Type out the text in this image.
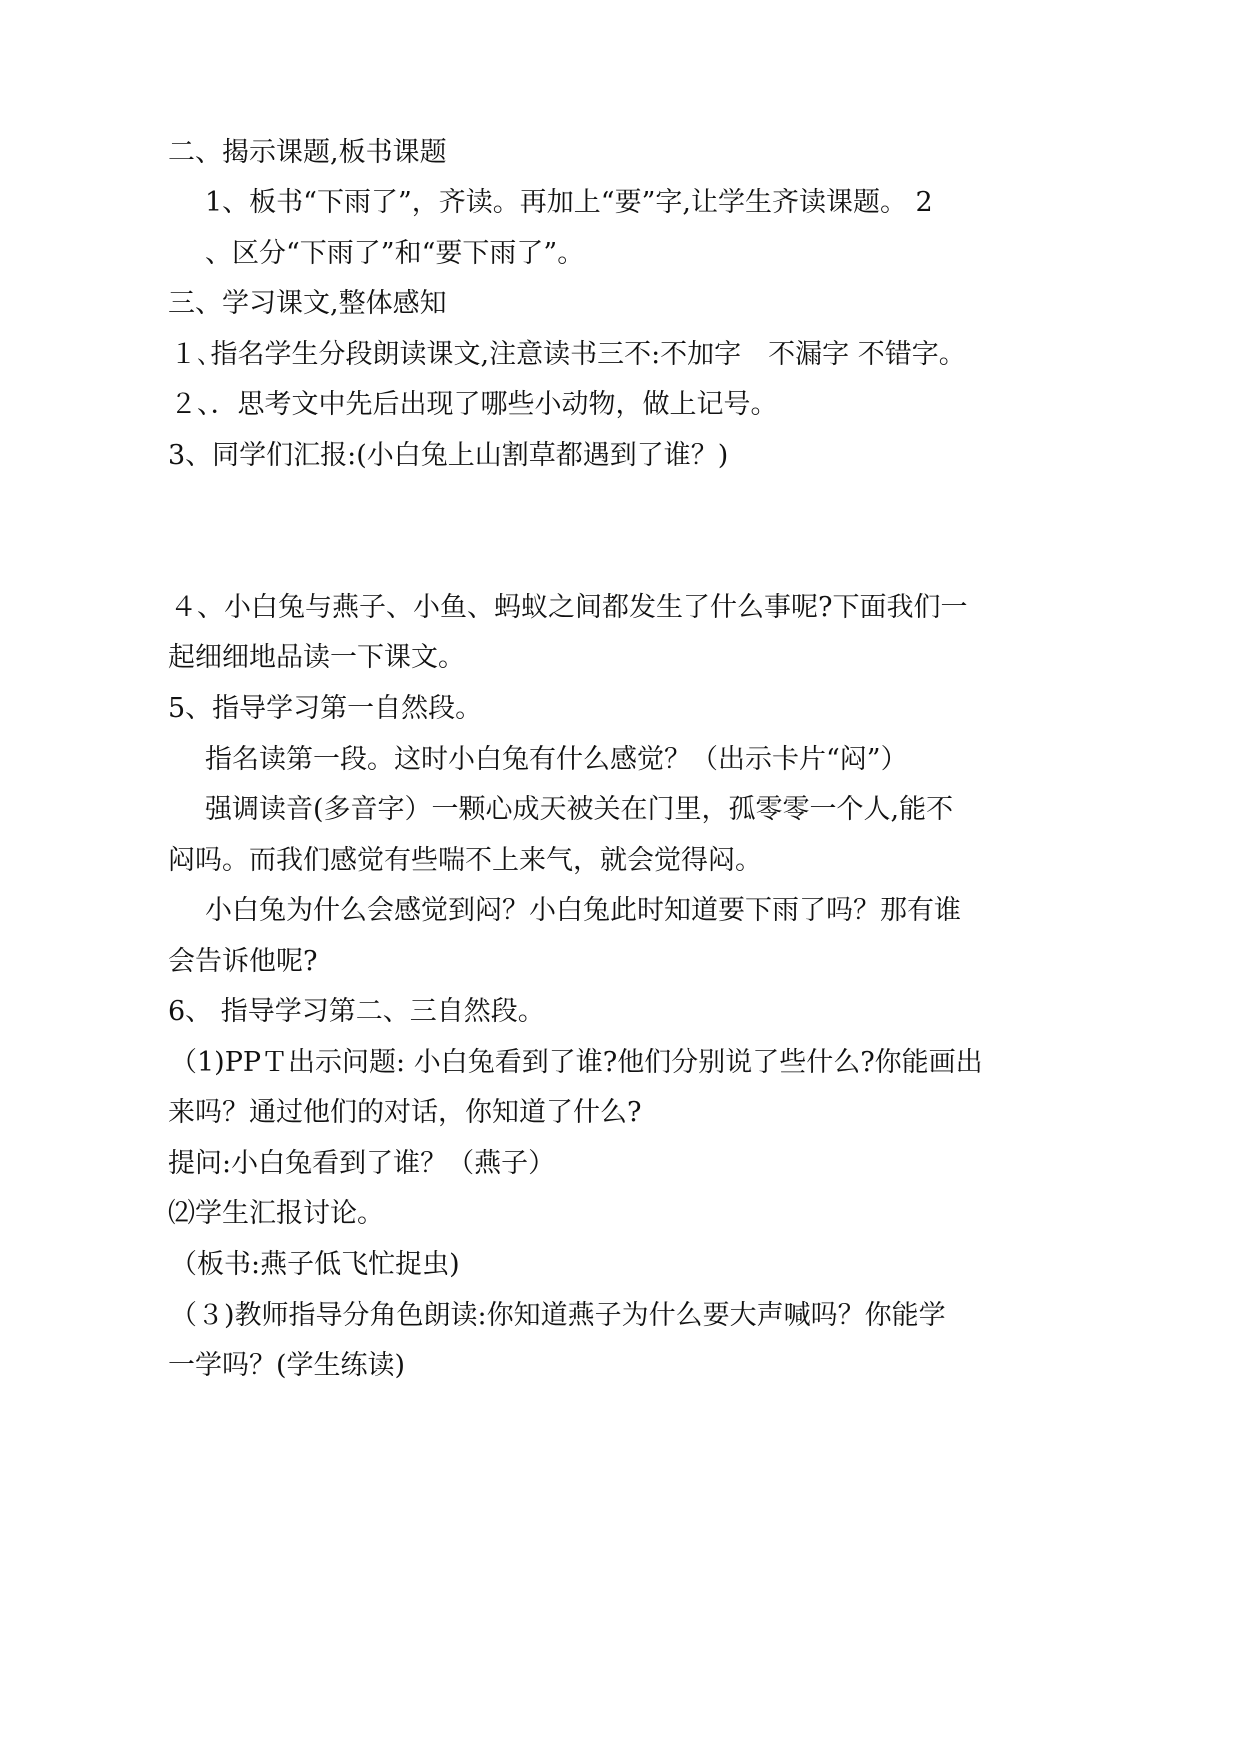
二、揭示课题,板书课题

1、板书“下雨了”，齐读。再加上“要”字,让学生齐读课题。 2

、区分“下雨了”和“要下雨了”。

三、学习课文,整体感知

１､指名学生分段朗读课文,注意读书三不:不加字　不漏字 不错字。

２、．思考文中先后出现了哪些小动物，做上记号。

3、同学们汇报:(小白兔上山割草都遇到了谁？)

４、小白兔与燕子、小鱼、蚂蚁之间都发生了什么事呢?下面我们一

起细细地品读一下课文。

5、指导学习第一自然段。

指名读第一段。这时小白兔有什么感觉？（出示卡片“闷”）

强调读音(多音字）一颗心成天被关在门里，孤零零一个人,能不

闷吗。而我们感觉有些喘不上来气，就会觉得闷。

小白兔为什么会感觉到闷？小白兔此时知道要下雨了吗？那有谁

会告诉他呢?

6、 指导学习第二、三自然段。

（1)PPＴ出示问题: 小白兔看到了谁?他们分别说了些什么?你能画出

来吗？通过他们的对话，你知道了什么?

提问:小白兔看到了谁？（燕子）

⑵学生汇报讨论。

（板书:燕子低飞忙捉虫)

（３)教师指导分角色朗读:你知道燕子为什么要大声喊吗？你能学

一学吗？(学生练读)
